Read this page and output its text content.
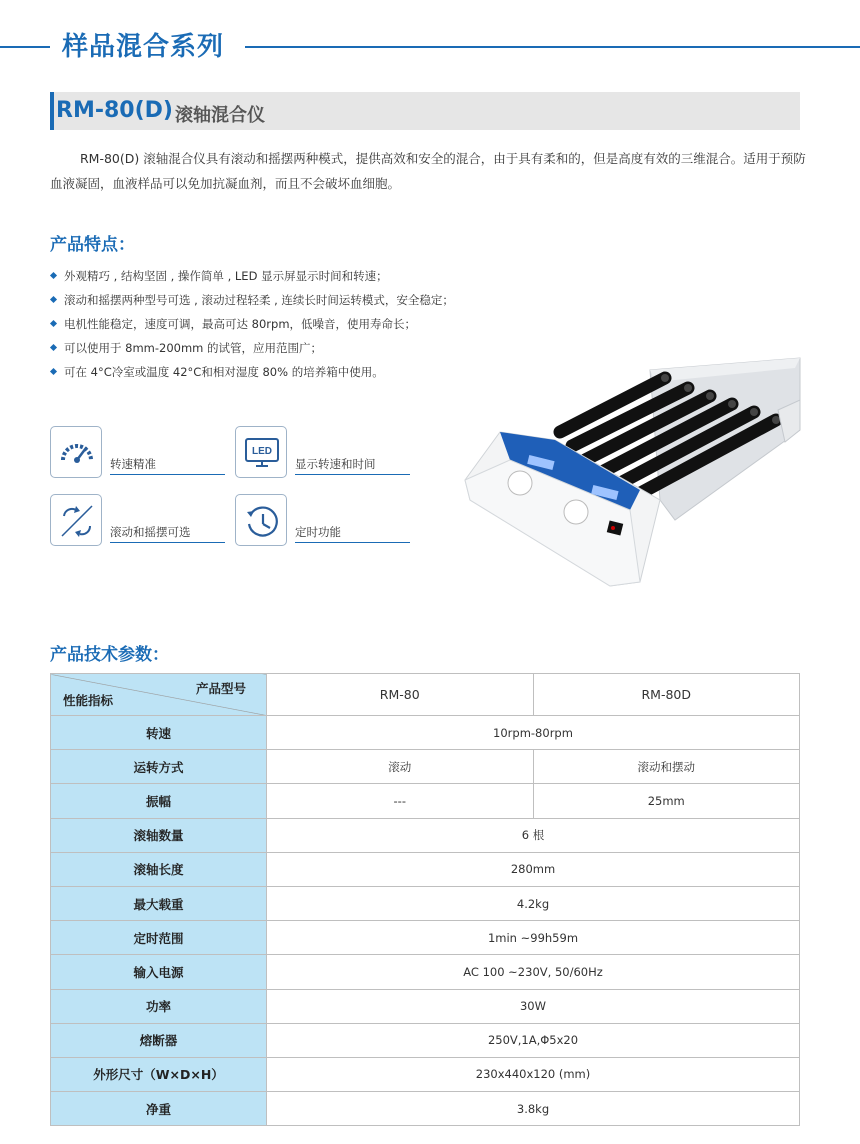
样品混合系列
RM-80(D) 滚轴混合仪

RM-80(D) 滚轴混合仪具有滚动和摇摆两种模式，提供高效和安全的混合，由于具有柔和的，但是高度有效的三维混合。适用于预防血液凝固，血液样品可以免加抗凝血剂，而且不会破坏血细胞。

产品特点：
外观精巧 , 结构坚固 , 操作简单 , LED 显示屏显示时间和转速；
滚动和摇摆两种型号可选 , 滚动过程轻柔 , 连续长时间运转模式，安全稳定；
电机性能稳定，速度可调，最高可达 80rpm，低噪音，使用寿命长；
可以使用于 8mm-200mm 的试管，应用范围广；
可在 4°C冷室或温度 42°C和相对湿度 80% 的培养箱中使用。
转速精准
LED
显示转速和时间
滚动和摇摆可选	定时功能
产品技术参数：
产品型号
性能指标	RM-80	RM-80D
转速	10rpm-80rpm	
运转方式	滚动	滚动和摆动
振幅	---	25mm
滚轴数量	6 根	
滚轴长度	280mm	
最大载重	4.2kg	
定时范围	1min ~99h59m	
输入电源	AC 100 ~230V, 50/60Hz	
功率	30W	
熔断器	250V,1A,Φ5x20	
外形尺寸（W×D×H）	230x440x120 (mm)	
净重	3.8kg	
